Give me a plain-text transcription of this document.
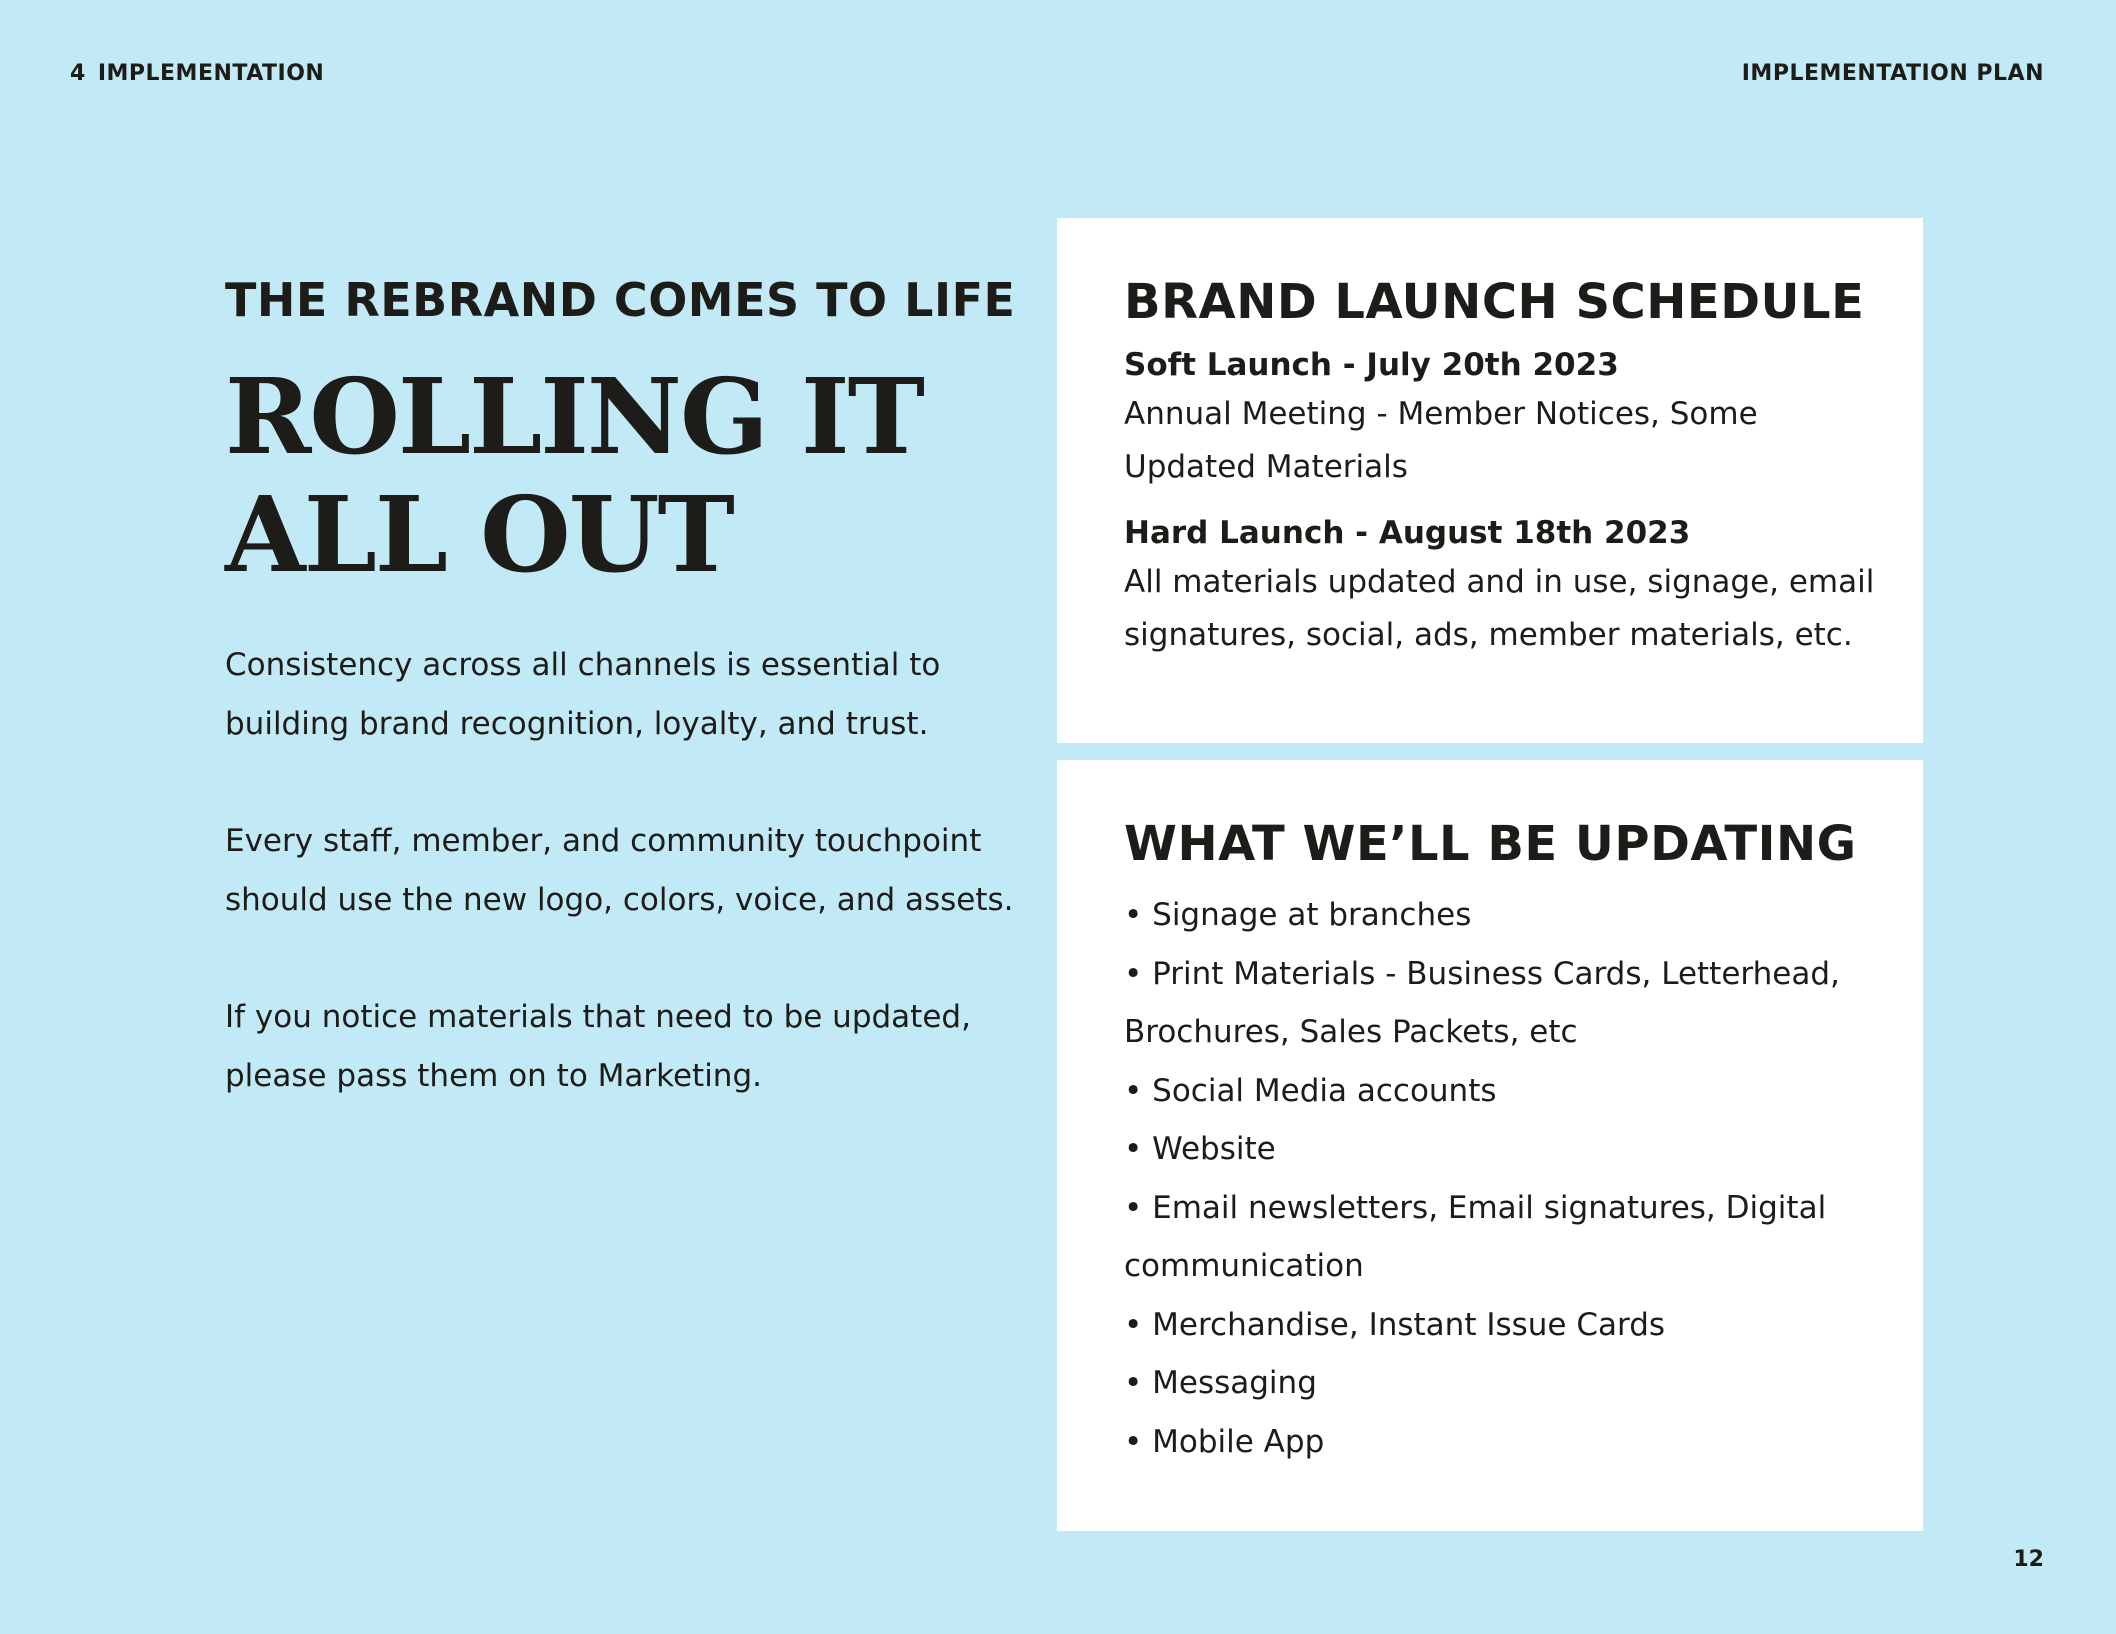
4 IMPLEMENTATION	IMPLEMENTATION PLAN
THE REBRAND COMES TO LIFE
ROLLING IT
ALL OUT

Consistency across all channels is essential to building brand recognition, loyalty, and trust.

Every staff, member, and community touchpoint should use the new logo, colors, voice, and assets.

If you notice materials that need to be updated, please pass them on to Marketing.

BRAND LAUNCH SCHEDULE

Soft Launch - July 20th 2023

Annual Meeting - Member Notices, Some Updated Materials

Hard Launch - August 18th 2023

All materials updated and in use, signage, email signatures, social, ads, member materials, etc.

WHAT WE’LL BE UPDATING
• Signage at branches
• Print Materials - Business Cards, Letterhead, Brochures, Sales Packets, etc
• Social Media accounts
• Website
• Email newsletters, Email signatures, Digital communication
• Merchandise, Instant Issue Cards
• Messaging
• Mobile App
12
